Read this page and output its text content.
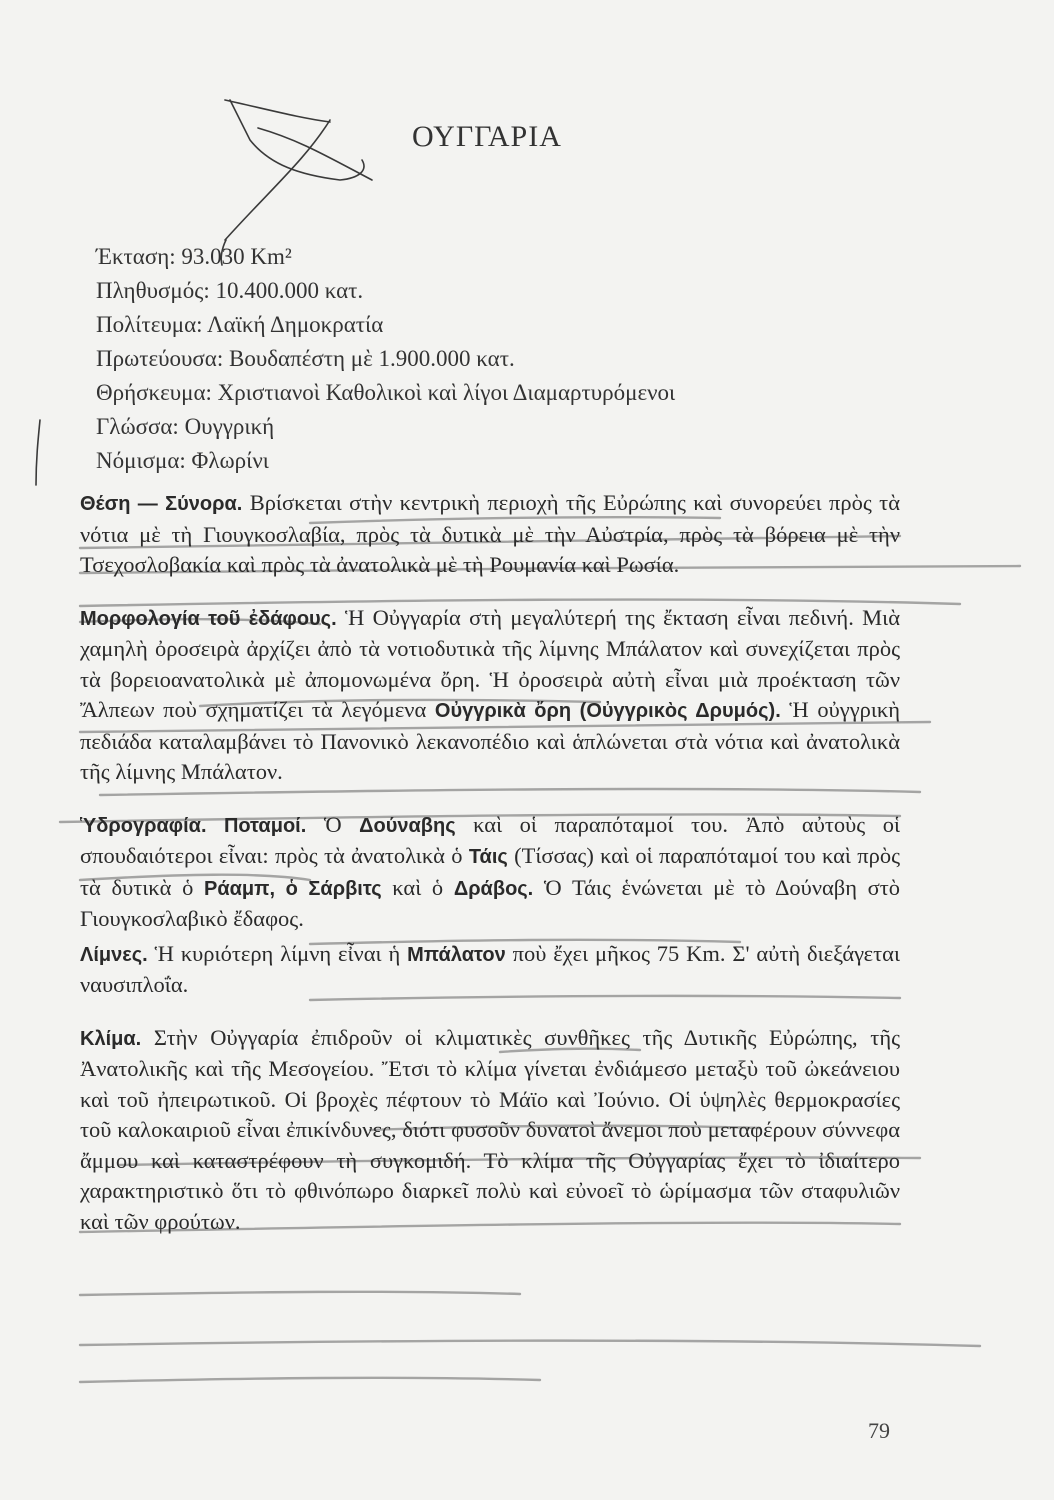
ΟΥΓΓΑΡΙΑ
Έκταση: 93.030 Km²
Πληθυσμός: 10.400.000 κατ.
Πολίτευμα: Λαϊκή Δημοκρατία
Πρωτεύουσα: Βουδαπέστη μὲ 1.900.000 κατ.
Θρήσκευμα: Χριστιανοὶ Καθολικοὶ καὶ λίγοι Διαμαρτυρόμενοι
Γλώσσα: Ουγγρική
Νόμισμα: Φλωρίνι

Θέση — Σύνορα. Βρίσκεται στὴν κεντρικὴ περιοχὴ τῆς Εὐρώπης καὶ συνορεύει πρὸς τὰ νότια μὲ τὴ Γιουγκοσλαβία, πρὸς τὰ δυτικὰ μὲ τὴν Αὐστρία, πρὸς τὰ βόρεια μὲ τὴν Τσεχοσλοβακία καὶ πρὸς τὰ ἀνατολικὰ μὲ τὴ Ρουμανία καὶ Ρωσία.

Μορφολογία τοῦ ἐδάφους. Ἡ Οὐγγαρία στὴ μεγαλύτερή της ἔκταση εἶναι πεδινή. Μιὰ χαμηλὴ ὀροσειρὰ ἀρχίζει ἀπὸ τὰ νοτιοδυτικὰ τῆς λίμνης Μπάλατον καὶ συνεχίζεται πρὸς τὰ βορειοανατολικὰ μὲ ἀπομονωμένα ὄρη. Ἡ ὀροσειρὰ αὐτὴ εἶναι μιὰ προέκταση τῶν Ἄλπεων ποὺ σχηματίζει τὰ λεγόμενα Οὐγγρικὰ ὄρη (Οὐγγρικὸς Δρυμός). Ἡ οὐγγρικὴ πεδιάδα καταλαμβάνει τὸ Πανονικὸ λεκανοπέδιο καὶ ἁπλώνεται στὰ νότια καὶ ἀνατολικὰ τῆς λίμνης Μπάλατον.

Ὑδρογραφία. Ποταμοί. Ὁ Δούναβης καὶ οἱ παραπόταμοί του. Ἀπὸ αὐτοὺς οἱ σπουδαιότεροι εἶναι: πρὸς τὰ ἀνατολικὰ ὁ Τάις (Τίσσας) καὶ οἱ παραπόταμοί του καὶ πρὸς τὰ δυτικὰ ὁ Ράαμπ, ὁ Σάρβιτς καὶ ὁ Δράβος. Ὁ Τάις ἑνώνεται μὲ τὸ Δούναβη στὸ Γιουγκοσλαβικὸ ἔδαφος.

Λίμνες. Ἡ κυριότερη λίμνη εἶναι ἡ Μπάλατον ποὺ ἔχει μῆκος 75 Km. Σ' αὐτὴ διεξάγεται ναυσιπλοΐα.

Κλίμα. Στὴν Οὐγγαρία ἐπιδροῦν οἱ κλιματικὲς συνθῆκες τῆς Δυτικῆς Εὐρώπης, τῆς Ἀνατολικῆς καὶ τῆς Μεσογείου. Ἔτσι τὸ κλίμα γίνεται ἐνδιάμεσο μεταξὺ τοῦ ὠκεάνειου καὶ τοῦ ἠπειρωτικοῦ. Οἱ βροχὲς πέφτουν τὸ Μάϊο καὶ Ἰούνιο. Οἱ ὑψηλὲς θερμοκρασίες τοῦ καλοκαιριοῦ εἶναι ἐπικίνδυνες, διότι φυσοῦν δυνατοὶ ἄνεμοι ποὺ μεταφέρουν σύννεφα ἄμμου καὶ καταστρέφουν τὴ συγκομιδή. Τὸ κλίμα τῆς Οὐγγαρίας ἔχει τὸ ἰδιαίτερο χαρακτηριστικὸ ὅτι τὸ φθινόπωρο διαρκεῖ πολὺ καὶ εὐνοεῖ τὸ ὡρίμασμα τῶν σταφυλιῶν καὶ τῶν φρούτων.

79
